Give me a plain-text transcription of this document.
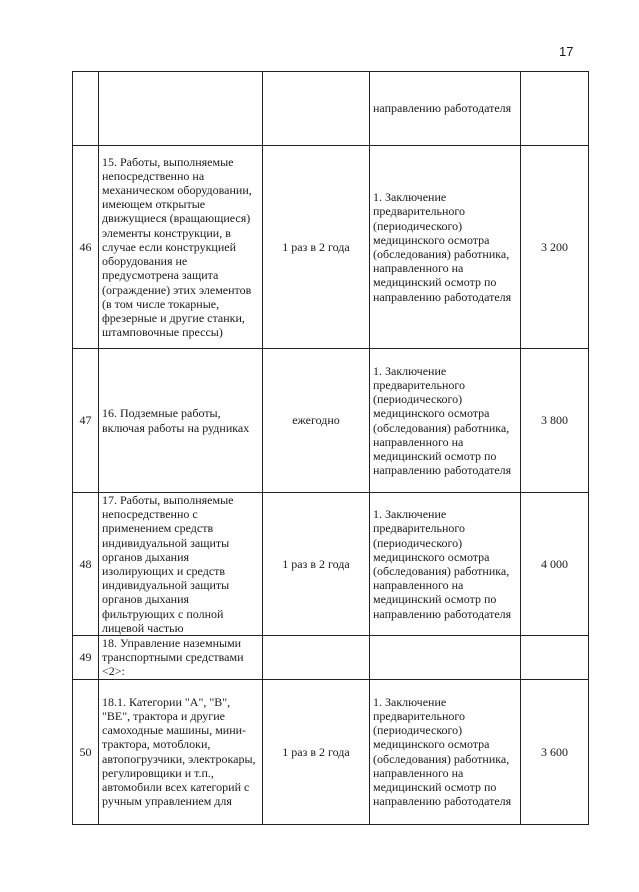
17
			направлению работодателя	
46	15. Работы, выполняемые непосредственно на механическом оборудовании, имеющем открытые движущиеся (вращающиеся) элементы конструкции, в случае если конструкцией оборудования не предусмотрена защита (ограждение) этих элементов (в том числе токарные, фрезерные и другие станки, штамповочные прессы)	1 раз в 2 года	1. Заключение предварительного (периодического) медицинского осмотра (обследования) работника, направленного на медицинский осмотр по направлению работодателя	3 200
47	16. Подземные работы, включая работы на рудниках	ежегодно	1. Заключение предварительного (периодического) медицинского осмотра (обследования) работника, направленного на медицинский осмотр по направлению работодателя	3 800
48	17. Работы, выполняемые непосредственно с применением средств индивидуальной защиты органов дыхания изолирующих и средств индивидуальной защиты органов дыхания фильтрующих с полной лицевой частью	1 раз в 2 года	1. Заключение предварительного (периодического) медицинского осмотра (обследования) работника, направленного на медицинский осмотр по направлению работодателя	4 000
49	18. Управление наземными транспортными средствами <2>:			
50	18.1. Категории "A", "B", "BE", трактора и другие самоходные машины, мини-трактора, мотоблоки, автопогрузчики, электрокары, регулировщики и т.п., автомобили всех категорий с ручным управлением для	1 раз в 2 года	1. Заключение предварительного (периодического) медицинского осмотра (обследования) работника, направленного на медицинский осмотр по направлению работодателя	3 600
